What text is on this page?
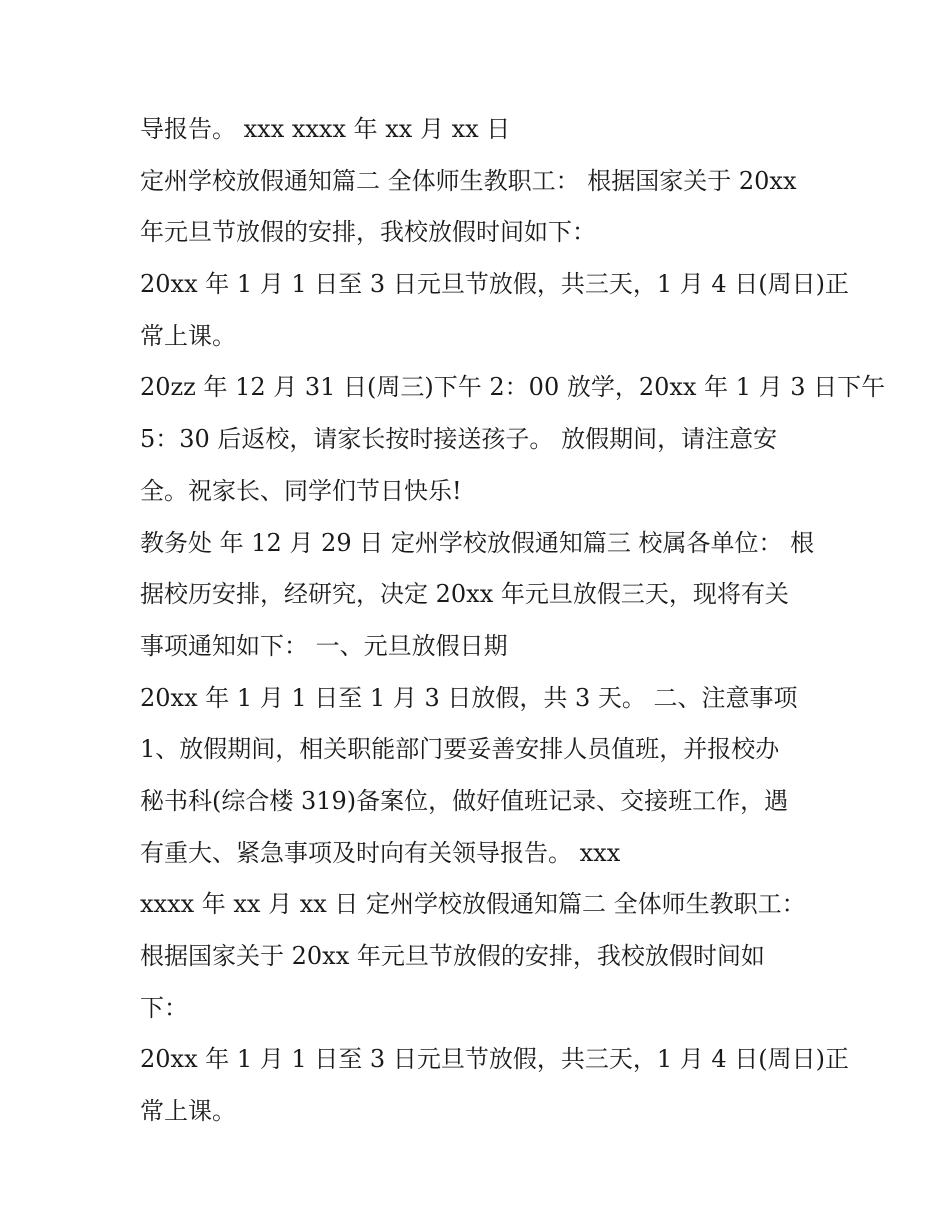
导报告。 xxx xxxx 年 xx 月 xx 日
定州学校放假通知篇二 全体师生教职工： 根据国家关于 20xx
年元旦节放假的安排，我校放假时间如下：
20xx 年 1 月 1 日至 3 日元旦节放假，共三天，1 月 4 日(周日)正
常上课。
20zz 年 12 月 31 日(周三)下午 2：00 放学，20xx 年 1 月 3 日下午
5：30 后返校，请家长按时接送孩子。 放假期间，请注意安
全。祝家长、同学们节日快乐!
教务处 年 12 月 29 日 定州学校放假通知篇三 校属各单位： 根
据校历安排，经研究，决定 20xx 年元旦放假三天，现将有关
事项通知如下： 一、元旦放假日期
20xx 年 1 月 1 日至 1 月 3 日放假，共 3 天。 二、注意事项
1、放假期间，相关职能部门要妥善安排人员值班，并报校办
秘书科(综合楼 319)备案位，做好值班记录、交接班工作，遇
有重大、紧急事项及时向有关领导报告。 xxx
xxxx 年 xx 月 xx 日 定州学校放假通知篇二 全体师生教职工：
根据国家关于 20xx 年元旦节放假的安排，我校放假时间如
下：
20xx 年 1 月 1 日至 3 日元旦节放假，共三天，1 月 4 日(周日)正
常上课。
